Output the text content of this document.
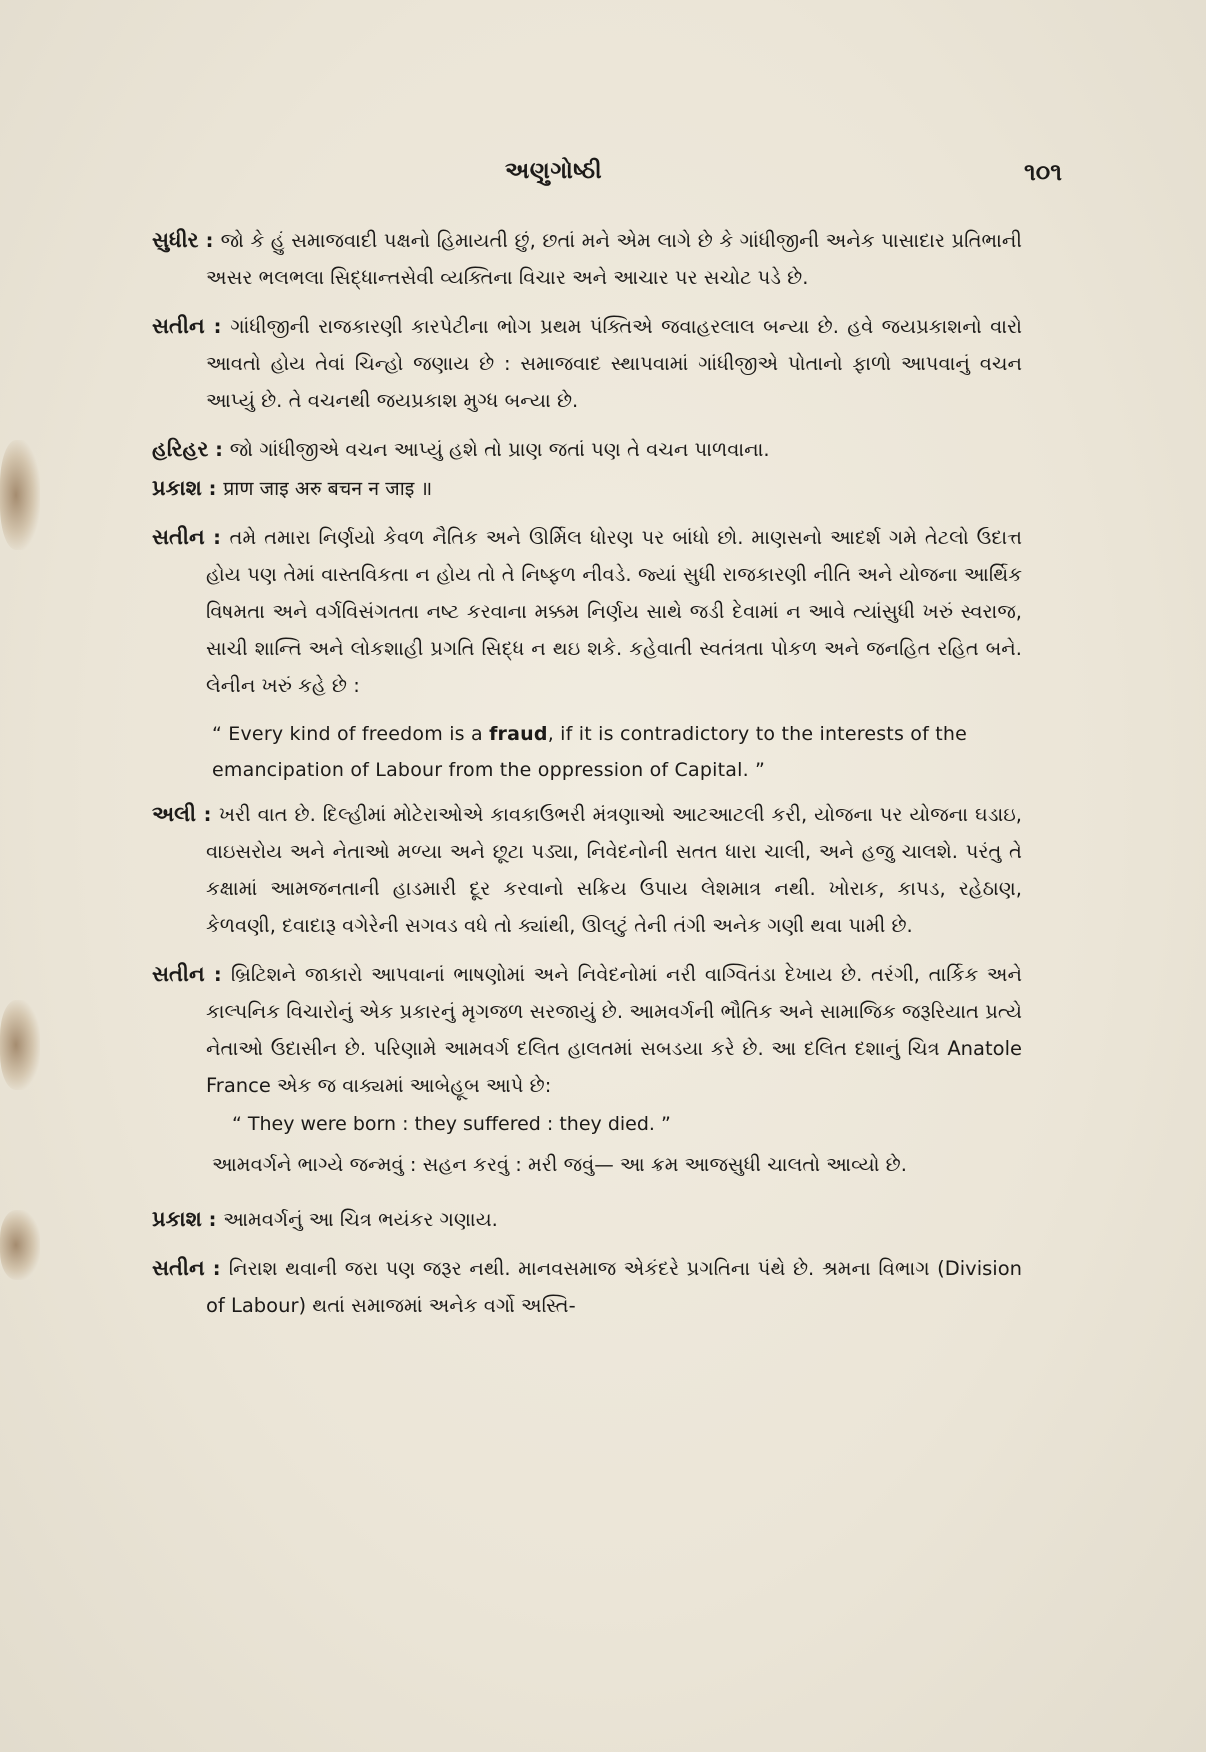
અણુગોષ્ઠી	૧૦૧

સુધીર : જો કે હું સમાજવાદી પક્ષનો હિમાયતી છું, છતાં મને એમ લાગે છે કે ગાંધીજીની અનેક પાસાદાર પ્રતિભાની અસર ભલભલા સિદ્ધાન્તસેવી વ્યક્તિના વિચાર અને આચાર પર સચોટ પડે છે.

સતીન : ગાંધીજીની રાજકારણી કારપેટીના ભોગ પ્રથમ પંક્તિએ જવાહરલાલ બન્યા છે. હવે જયપ્રકાશનો વારો આવતો હોય તેવાં ચિન્હો જણાય છે : સમાજવાદ સ્થાપવામાં ગાંધીજીએ પોતાનો ફાળો આપવાનું વચન આપ્યું છે. તે વચનથી જયપ્રકાશ મુગ્ધ બન્યા છે.

હરિહર : જો ગાંધીજીએ વચન આપ્યું હશે તો પ્રાણ જતાં પણ તે વચન પાળવાના.

પ્રકાશ : प्राण जाइ अरु बचन न जाइ ॥

સતીન : તમે તમારા નિર્ણયો કેવળ નૈતિક અને ઊર્મિલ ધોરણ પર બાંધો છો. માણસનો આદર્શ ગમે તેટલો ઉદાત્ત હોય પણ તેમાં વાસ્તવિકતા ન હોય તો તે નિષ્ફળ નીવડે. જ્યાં સુધી રાજકારણી નીતિ અને યોજના આર્થિક વિષમતા અને વર્ગવિસંગતતા નષ્ટ કરવાના મક્કમ નિર્ણય સાથે જડી દેવામાં ન આવે ત્યાંસુધી ખરું સ્વરાજ, સાચી શાન્તિ અને લોકશાહી પ્રગતિ સિદ્ધ ન થઇ શકે. કહેવાતી સ્વતંત્રતા પોકળ અને જનહિત રહિત બને. લેનીન ખરું કહે છે :

“ Every kind of freedom is a fraud, if it is contradictory to the interests of the emancipation of Labour from the oppression of Capital. ”

અલી : ખરી વાત છે. દિલ્હીમાં મોટેરાઓએ કાવકાઉભરી મંત્રણાઓ આટઆટલી કરી, યોજના પર યોજના ઘડાઇ, વાઇસરોય અને નેતાઓ મળ્યા અને છૂટા પડ્યા, નિવેદનોની સતત ધારા ચાલી, અને હજુ ચાલશે. પરંતુ તે કક્ષામાં આમજનતાની હાડમારી દૂર કરવાનો સક્રિય ઉપાય લેશમાત્ર નથી. ખોરાક, કાપડ, રહેઠાણ, કેળવણી, દવાદારૂ વગેરેની સગવડ વધે તો ક્યાંથી, ઊલટું તેની તંગી અનેક ગણી થવા પામી છે.

સતીન : બ્રિટિશને જાકારો આપવાનાં ભાષણોમાં અને નિવેદનોમાં નરી વાગ્વિતંડા દેખાય છે. તરંગી, તાર્કિક અને કાલ્પનિક વિચારોનું એક પ્રકારનું મૃગજળ સરજાયું છે. આમવર્ગની ભૌતિક અને સામાજિક જરૂરિયાત પ્રત્યે નેતાઓ ઉદાસીન છે. પરિણામે આમવર્ગ દલિત હાલતમાં સબડયા કરે છે. આ દલિત દશાનું ચિત્ર Anatole France એક જ વાક્યમાં આબેહૂબ આપે છે:

“ They were born : they suffered : they died. ”

આમવર્ગને ભાગ્યે જન્મવું : સહન કરવું : મરી જવું— આ ક્રમ આજસુધી ચાલતો આવ્યો છે.

પ્રકાશ : આમવર્ગનું આ ચિત્ર ભયંકર ગણાય.

સતીન : નિરાશ થવાની જરા પણ જરૂર નથી. માનવસમાજ એકંદરે પ્રગતિના પંથે છે. શ્રમના વિભાગ (Division of Labour) થતાં સમાજમાં અનેક વર્ગો અસ્તિ-
